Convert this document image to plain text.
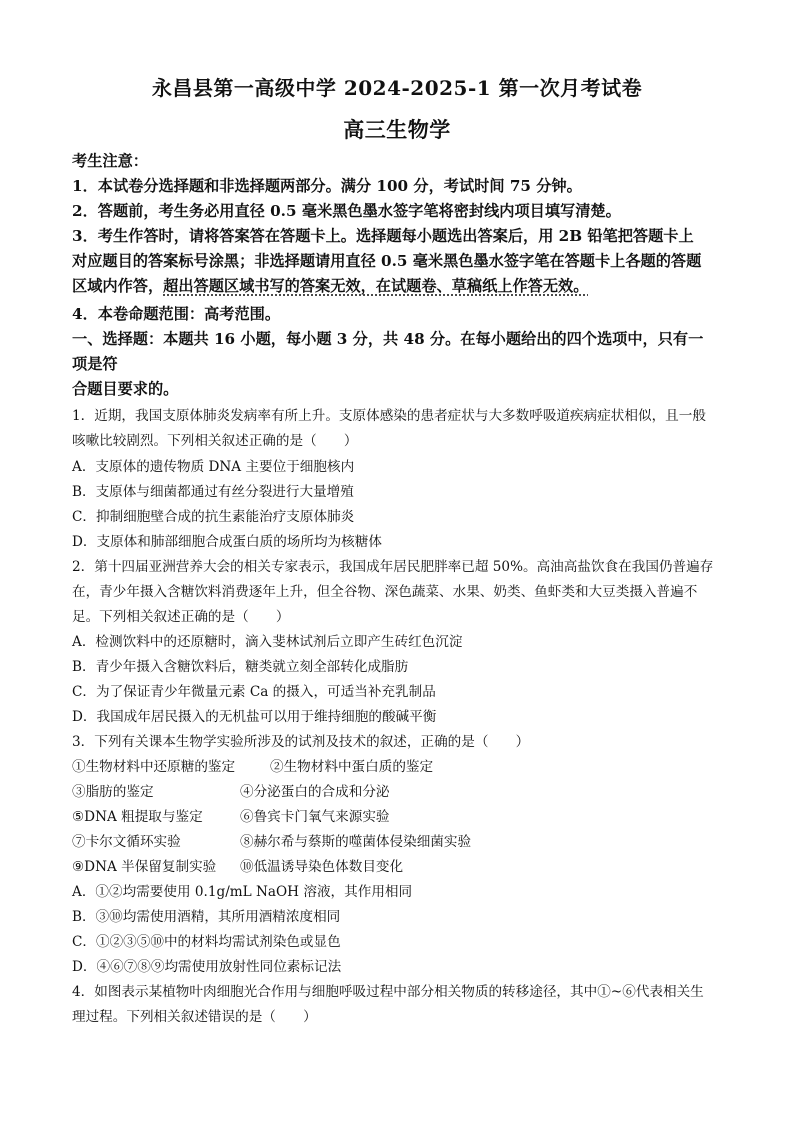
永昌县第一高级中学 2024-2025-1 第一次月考试卷
高三生物学
考生注意：
1．本试卷分选择题和非选择题两部分。满分 100 分，考试时间 75 分钟。
2．答题前，考生务必用直径 0.5 毫米黑色墨水签字笔将密封线内项目填写清楚。
3．考生作答时，请将答案答在答题卡上。选择题每小题选出答案后，用 2B 铅笔把答题卡上
对应题目的答案标号涂黑；非选择题请用直径 0.5 毫米黑色墨水签字笔在答题卡上各题的答题
区域内作答，超出答题区域书写的答案无效，在试题卷、草稿纸上作答无效。
4．本卷命题范围：高考范围。
一、选择题：本题共 16 小题，每小题 3 分，共 48 分。在每小题给出的四个选项中，只有一
项是符
合题目要求的。
1．近期，我国支原体肺炎发病率有所上升。支原体感染的患者症状与大多数呼吸道疾病症状相似，且一般
咳嗽比较剧烈。下列相关叙述正确的是（　　）
A．支原体的遗传物质 DNA 主要位于细胞核内
B．支原体与细菌都通过有丝分裂进行大量增殖
C．抑制细胞壁合成的抗生素能治疗支原体肺炎
D．支原体和肺部细胞合成蛋白质的场所均为核糖体
2．第十四届亚洲营养大会的相关专家表示，我国成年居民肥胖率已超 50%。高油高盐饮食在我国仍普遍存
在，青少年摄入含糖饮料消费逐年上升，但全谷物、深色蔬菜、水果、奶类、鱼虾类和大豆类摄入普遍不
足。下列相关叙述正确的是（　　）
A．检测饮料中的还原糖时，滴入斐林试剂后立即产生砖红色沉淀
B．青少年摄入含糖饮料后，糖类就立刻全部转化成脂肪
C．为了保证青少年微量元素 Ca 的摄入，可适当补充乳制品
D．我国成年居民摄入的无机盐可以用于维持细胞的酸碱平衡
3．下列有关课本生物学实验所涉及的试剂及技术的叙述，正确的是（　　）
①生物材料中还原糖的鉴定	②生物材料中蛋白质的鉴定
③脂肪的鉴定	④分泌蛋白的合成和分泌
⑤DNA 粗提取与鉴定	⑥鲁宾卡门氧气来源实验
⑦卡尔文循环实验	⑧赫尔希与蔡斯的噬菌体侵染细菌实验
⑨DNA 半保留复制实验 ⑩低温诱导染色体数目变化
A．①②均需要使用 0.1g/mL NaOH 溶液，其作用相同
B．③⑩均需使用酒精，其所用酒精浓度相同
C．①②③⑤⑩中的材料均需试剂染色或显色
D．④⑥⑦⑧⑨均需使用放射性同位素标记法
4．如图表示某植物叶肉细胞光合作用与细胞呼吸过程中部分相关物质的转移途径，其中①~⑥代表相关生
理过程。下列相关叙述错误的是（　　）
